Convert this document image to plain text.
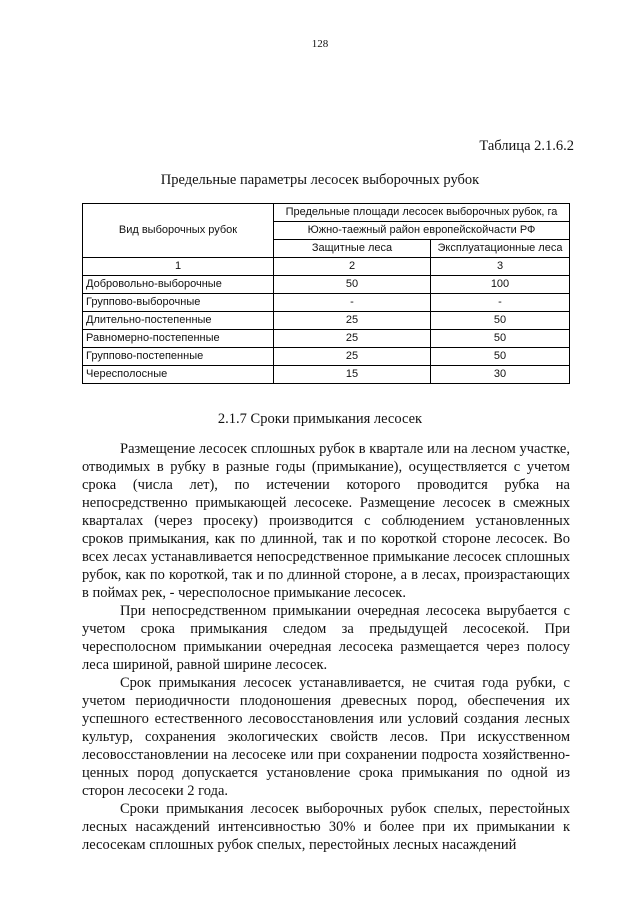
128
Таблица 2.1.6.2
Предельные параметры лесосек выборочных рубок
Вид выборочных рубок	Предельные площади лесосек выборочных рубок, га	
	Южно-таежный район европейскойчасти РФ	
	Защитные леса	Эксплуатационные леса
1	2	3
Добровольно-выборочные	50	100
Группово-выборочные	-	-
Длительно-постепенные	25	50
Равномерно-постепенные	25	50
Группово-постепенные	25	50
Чересполосные	15	30
2.1.7 Сроки примыкания лесосек

Размещение лесосек сплошных рубок в квартале или на лесном участке, отводимых в рубку в разные годы (примыкание), осуществляется с учетом срока (числа лет), по истечении которого проводится рубка на непосредственно примыкающей лесосеке. Размещение лесосек в смежных кварталах (через просеку) производится с соблюдением установленных сроков примыкания, как по длинной, так и по короткой стороне лесосек. Во всех лесах устанавливается непосредственное примыкание лесосек сплошных рубок, как по короткой, так и по длинной стороне, а в лесах, произрастающих в поймах рек, - чересполосное примыкание лесосек.

При непосредственном примыкании очередная лесосека вырубается с учетом срока примыкания следом за предыдущей лесосекой. При чересполосном примыкании очередная лесосека размещается через полосу леса шириной, равной ширине лесосек.

Срок примыкания лесосек устанавливается, не считая года рубки, с учетом периодичности плодоношения древесных пород, обеспечения их успешного естественного лесовосстановления или условий создания лесных культур, сохранения экологических свойств лесов. При искусственном лесовосстановлении на лесосеке или при сохранении подроста хозяйственно-ценных пород допускается установление срока примыкания по одной из сторон лесосеки 2 года.

Сроки примыкания лесосек выборочных рубок спелых, перестойных лесных насаждений интенсивностью 30% и более при их примыкании к лесосекам сплошных рубок спелых, перестойных лесных насаждений
